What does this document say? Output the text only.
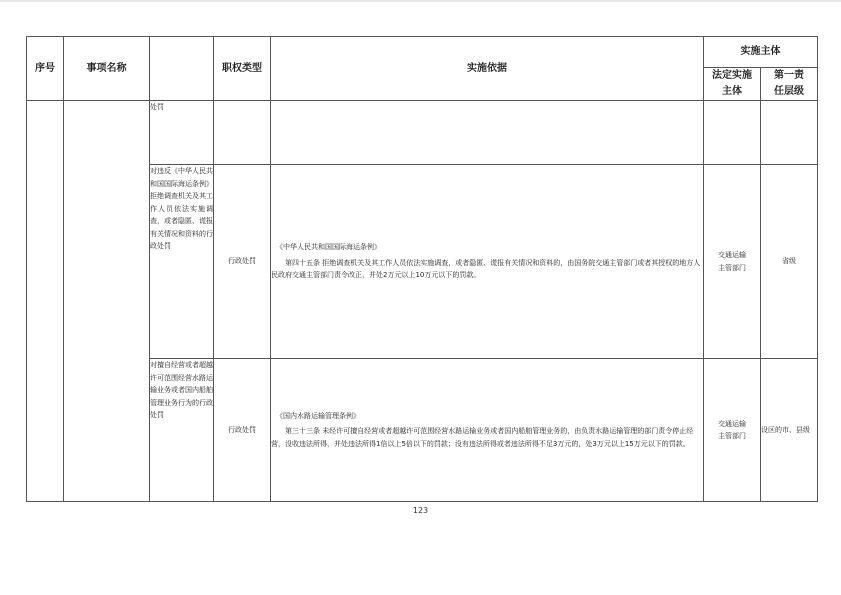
序号	事项名称		职权类型	实施依据	实施主体	
					法定实施主体	第一责任层级
		处罚		

		对违反《中华人民共和国国际海运条例》拒绝调查机关及其工作人员依法实施调查，或者隐匿、谎报有关情况和资料的行政处罚	行政处罚	《中华人民共和国国际海运条例》
第四十五条 拒绝调查机关及其工作人员依法实施调查，或者隐匿、谎报有关情况和资料的，由国务院交通主管部门或者其授权的地方人民政府交通主管部门责令改正，并处2万元以上10万元以下的罚款。	交通运输主管部门	省级
		对擅自经营或者超越许可范围经营水路运输业务或者国内船舶管理业务行为的行政处罚	行政处罚	《国内水路运输管理条例》
第三十三条 未经许可擅自经营或者超越许可范围经营水路运输业务或者国内船舶管理业务的，由负责水路运输管理的部门责令停止经营，没收违法所得，并处违法所得1倍以上5倍以下的罚款；没有违法所得或者违法所得不足3万元的，处3万元以上15万元以下的罚款。	交通运输主管部门	设区的市、县级
123
